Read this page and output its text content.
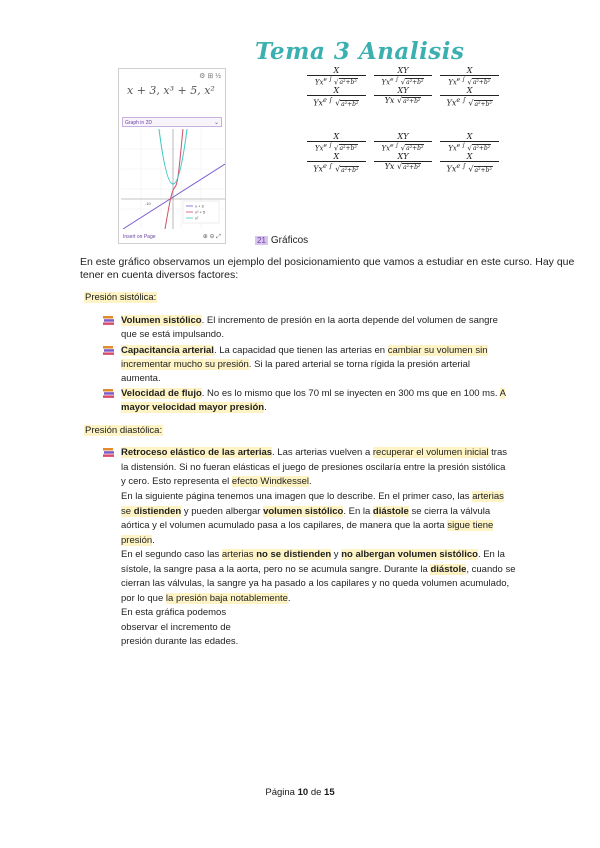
Tema 3 Analisis
⚙ ⊞ ½
x + 3, x³ + 5, x²
Graph in 2D	⌄
-10	x + 3
x³ + 5
x²
Insert on Page	⊕ ⊖ ⤢
$\frac{X}{Yx^{e \int} √a^2+b^2} \frac{XY}{Yx^{e \int} √a^2+b^2} \frac{X}{Yx^{e \int} √a^2+b^2}$
$\frac{X}{Yx^{e \int} √a^2+b^2} \frac{XY}{\text{Yx √a²+b²}} \frac{X}{Yx^{e \int} √a^2+b^2}$
$\frac{X}{Yx^{e \int} √a^2+b^2} \frac{XY}{Yx^{e \int} √a^2+b^2} \frac{X}{Yx^{e \int} √a^2+b^2}$
$\frac{X}{Yx^{e \int} √a^2+b^2} \frac{XY}{\text{Yx √a²+b²}} \frac{X}{Yx^{e \int} √a^2+b^2}$
21 Gráficos
En este gráfico observamos un ejemplo del posicionamiento que vamos a estudiar en este curso. Hay que tener en cuenta diversos factores:
Presión sistólica:
Volumen sistólico. El incremento de presión en la aorta depende del volumen de sangre que se está impulsando.
Capacitancia arterial. La capacidad que tienen las arterias en cambiar su volumen sin incrementar mucho su presión. Si la pared arterial se torna rígida la presión arterial aumenta.
Velocidad de flujo. No es lo mismo que los 70 ml se inyecten en 300 ms que en 100 ms. A mayor velocidad mayor presión.
Presión diastólica:
Retroceso elástico de las arterias. Las arterias vuelven a recuperar el volumen inicial tras la distensión. Si no fueran elásticas el juego de presiones oscilaría entre la presión sistólica y cero. Esto representa el efecto Windkessel.
En la siguiente página tenemos una imagen que lo describe. En el primer caso, las arterias se distienden y pueden albergar volumen sistólico. En la diástole se cierra la válvula aórtica y el volumen acumulado pasa a los capilares, de manera que la aorta sigue tiene presión.
En el segundo caso las arterias no se distienden y no albergan volumen sistólico. En la sístole, la sangre pasa a la aorta, pero no se acumula sangre. Durante la diástole, cuando se cierran las válvulas, la sangre ya ha pasado a los capilares y no queda volumen acumulado, por lo que la presión baja notablemente.
En esta gráfica podemos observar el incremento de presión durante las edades.
Página 10 de 15
